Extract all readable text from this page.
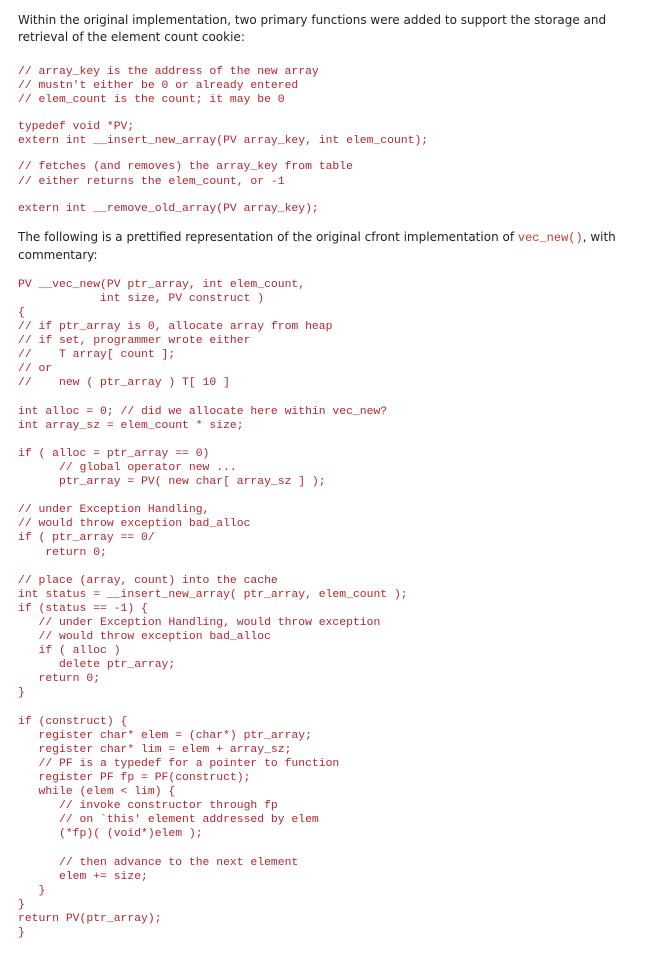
Within the original implementation, two primary functions were added to support the storage and retrieval of the element count cookie:

// array_key is the address of the new array
// mustn't either be 0 or already entered
// elem_count is the count; it may be 0
typedef void *PV;
extern int __insert_new_array(PV array_key, int elem_count);
// fetches (and removes) the array_key from table
// either returns the elem_count, or -1
extern int __remove_old_array(PV array_key);

The following is a prettified representation of the original cfront implementation of vec_new(), with commentary:

PV __vec_new(PV ptr_array, int elem_count,
int size, PV construct )
{
// if ptr_array is 0, allocate array from heap
// if set, programmer wrote either
//    T array[ count ];
// or
//    new ( ptr_array ) T[ 10 ]

int alloc = 0; // did we allocate here within vec_new?
int array_sz = elem_count * size;

if ( alloc = ptr_array == 0)
// global operator new ...
ptr_array = PV( new char[ array_sz ] );

// under Exception Handling,
// would throw exception bad_alloc
if ( ptr_array == 0/
return 0;

// place (array, count) into the cache
int status = __insert_new_array( ptr_array, elem_count );
if (status == -1) {
// under Exception Handling, would throw exception
// would throw exception bad_alloc
if ( alloc )
delete ptr_array;
return 0;
}

if (construct) {
register char* elem = (char*) ptr_array;
register char* lim = elem + array_sz;
// PF is a typedef for a pointer to function
register PF fp = PF(construct);
while (elem < lim) {
// invoke constructor through fp
// on `this' element addressed by elem
(*fp)( (void*)elem );

// then advance to the next element
elem += size;
}
}
return PV(ptr_array);
}
